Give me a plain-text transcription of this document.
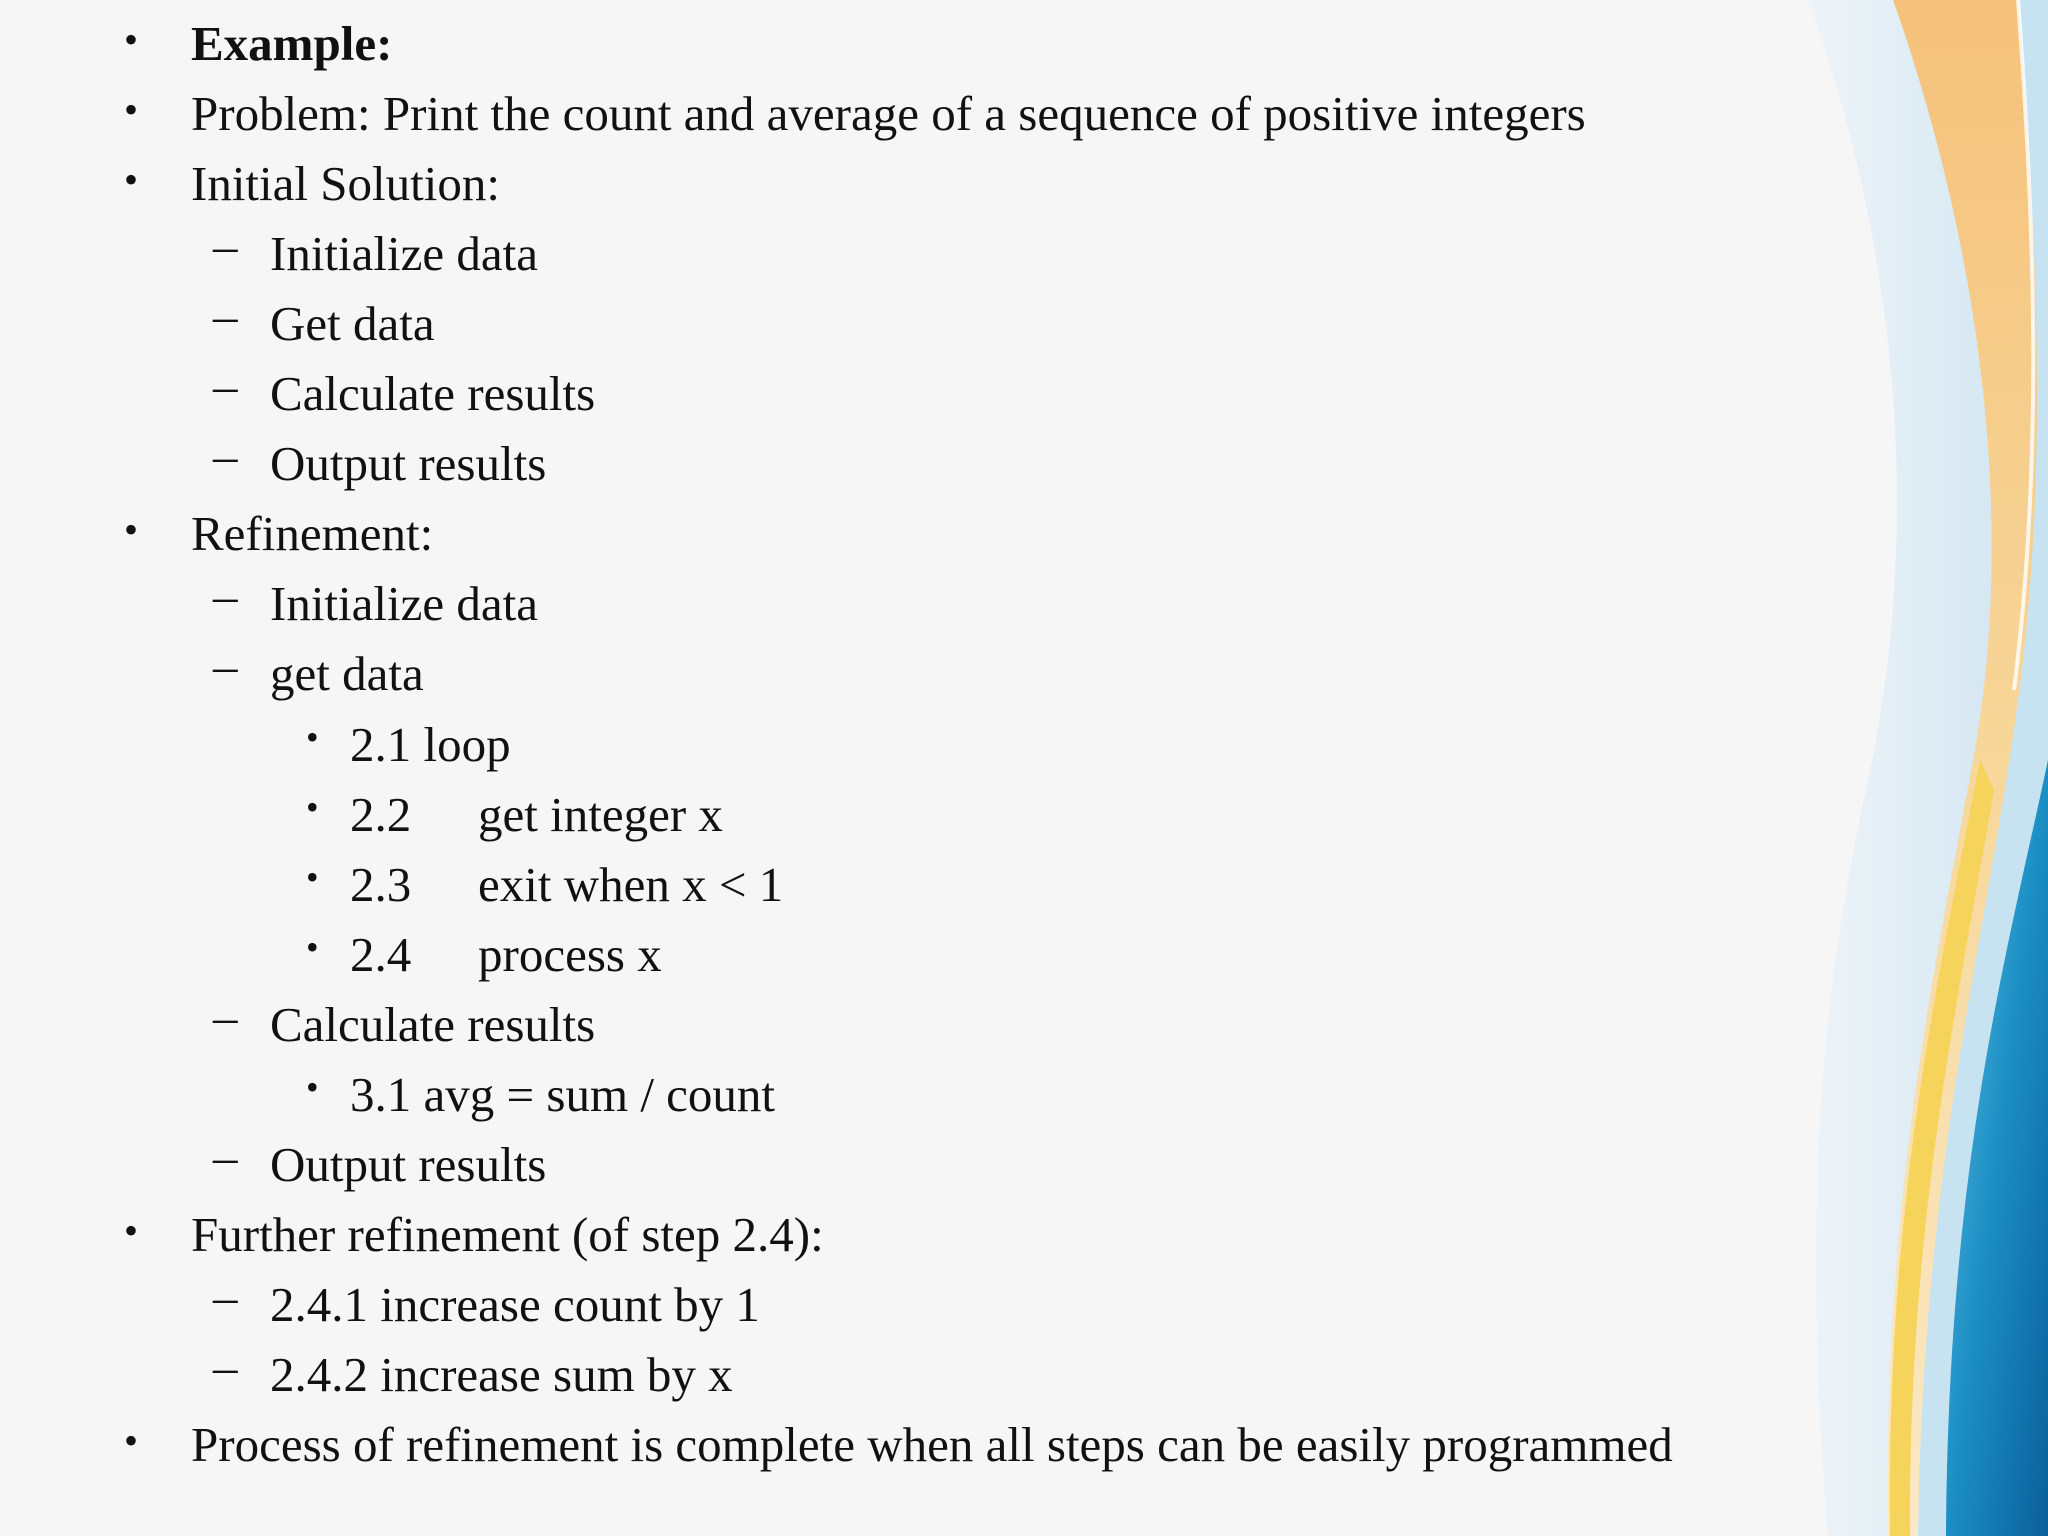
• Example:
• Problem: Print the count and average of a sequence of positive integers
• Initial Solution:
– Initialize data
– Get data
– Calculate results
– Output results
• Refinement:
– Initialize data
– get data
• 2.1 loop
• 2.2 get integer x
• 2.3 exit when x < 1
• 2.4 process x
– Calculate results
• 3.1 avg = sum / count
– Output results
• Further refinement (of step 2.4):
– 2.4.1 increase count by 1
– 2.4.2 increase sum by x
• Process of refinement is complete when all steps can be easily programmed
